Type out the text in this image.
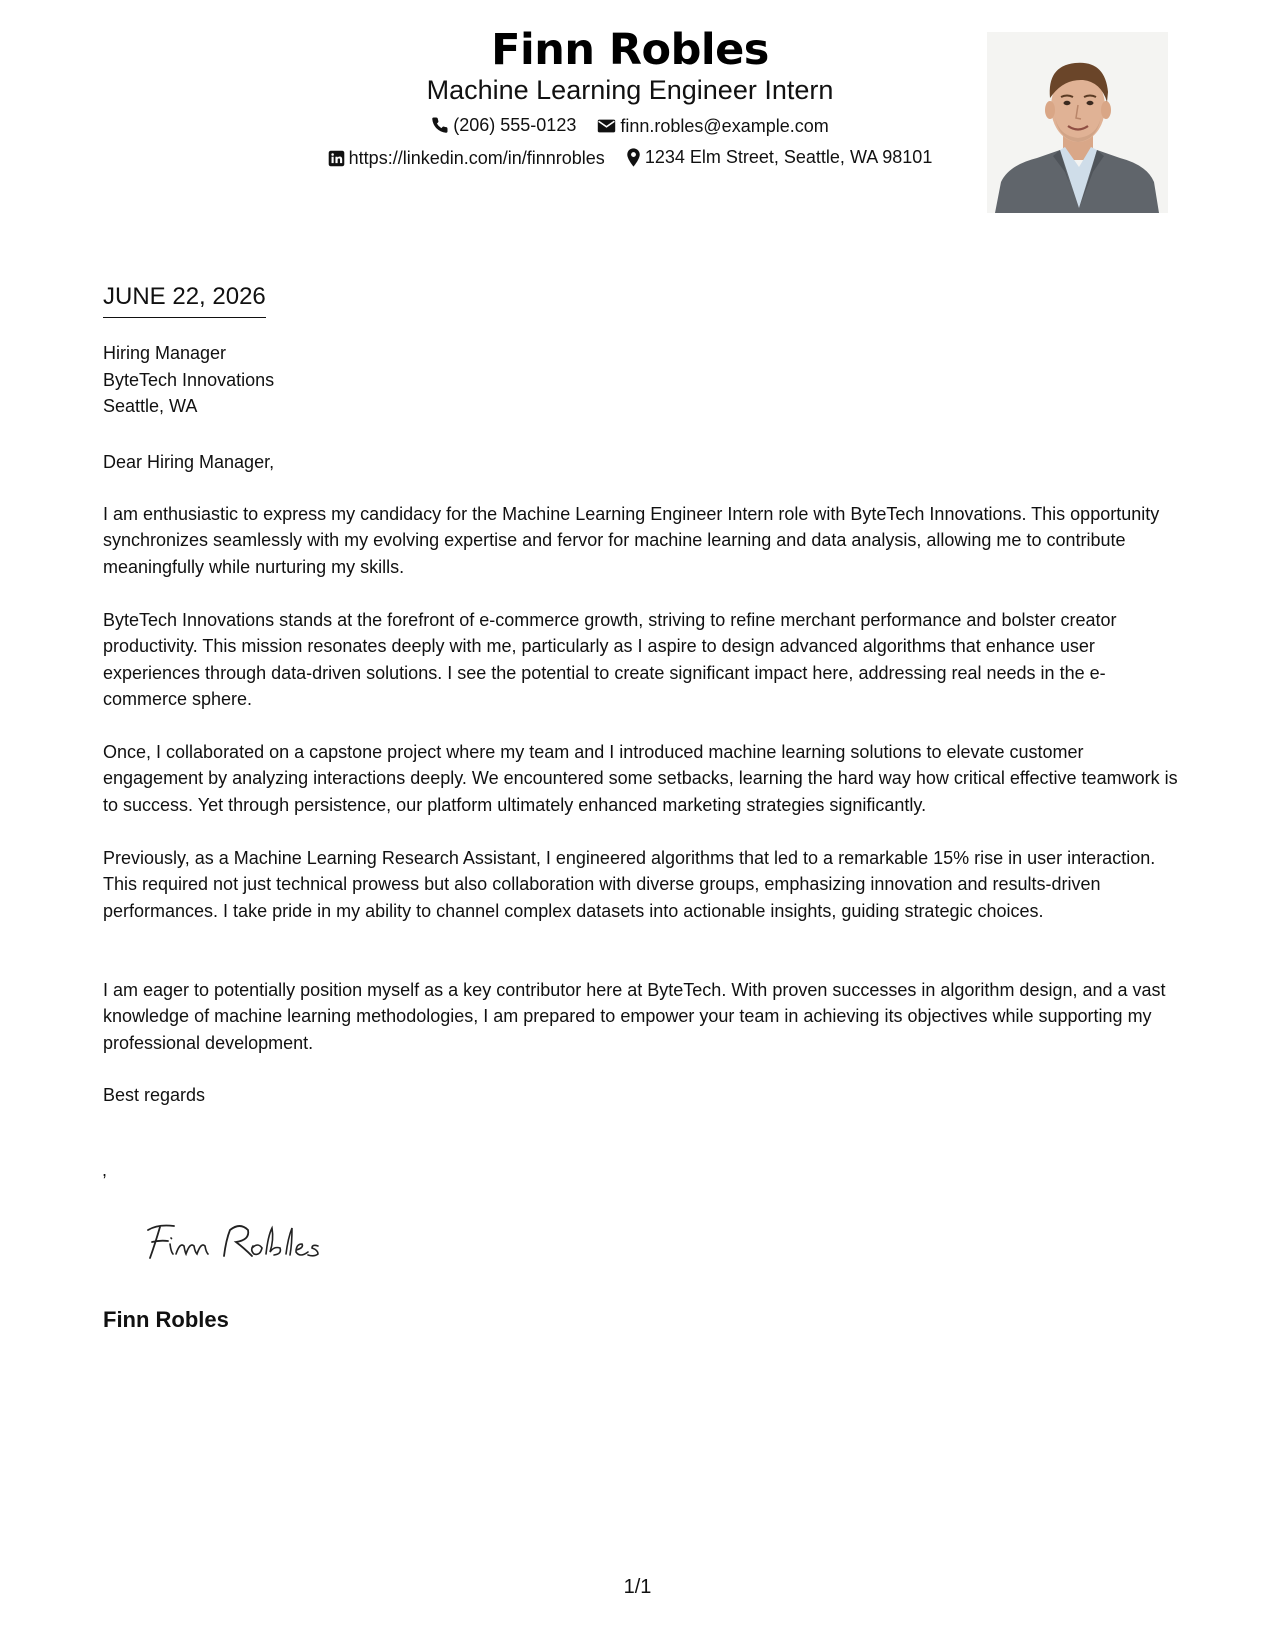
Finn Robles
Machine Learning Engineer Intern
(206) 555-0123
finn.robles@example.com
https://linkedin.com/in/finnrobles
1234 Elm Street, Seattle, WA 98101
JUNE 22, 2026
Hiring Manager
ByteTech Innovations
Seattle, WA
Dear Hiring Manager,

I am enthusiastic to express my candidacy for the Machine Learning Engineer Intern role with ByteTech Innovations. This opportunity synchronizes seamlessly with my evolving expertise and fervor for machine learning and data analysis, allowing me to contribute meaningfully while nurturing my skills.

ByteTech Innovations stands at the forefront of e-commerce growth, striving to refine merchant performance and bolster creator productivity. This mission resonates deeply with me, particularly as I aspire to design advanced algorithms that enhance user experiences through data-driven solutions. I see the potential to create significant impact here, addressing real needs in the e-commerce sphere.

Once, I collaborated on a capstone project where my team and I introduced machine learning solutions to elevate customer engagement by analyzing interactions deeply. We encountered some setbacks, learning the hard way how critical effective teamwork is to success. Yet through persistence, our platform ultimately enhanced marketing strategies significantly.

Previously, as a Machine Learning Research Assistant, I engineered algorithms that led to a remarkable 15% rise in user interaction. This required not just technical prowess but also collaboration with diverse groups, emphasizing innovation and results-driven performances. I take pride in my ability to channel complex datasets into actionable insights, guiding strategic choices.

I am eager to potentially position myself as a key contributor here at ByteTech. With proven successes in algorithm design, and a vast knowledge of machine learning methodologies, I am prepared to empower your team in achieving its objectives while supporting my professional development.

Best regards
,
Finn Robles
1/1
